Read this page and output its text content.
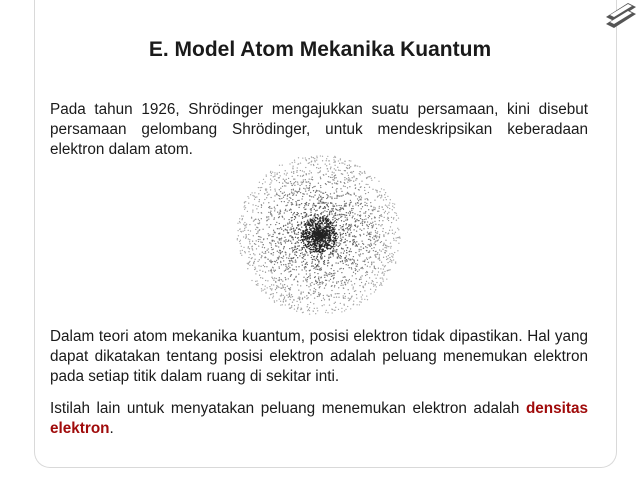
E. Model Atom Mekanika Kuantum

Pada tahun 1926, Shrödinger mengajukkan suatu persamaan, kini disebut persamaan gelombang Shrödinger, untuk mendeskripsikan keberadaan elektron dalam atom.

Dalam teori atom mekanika kuantum, posisi elektron tidak dipastikan. Hal yang dapat dikatakan tentang posisi elektron adalah peluang menemukan elektron pada setiap titik dalam ruang di sekitar inti.

Istilah lain untuk menyatakan peluang menemukan elektron adalah densitas elektron.
